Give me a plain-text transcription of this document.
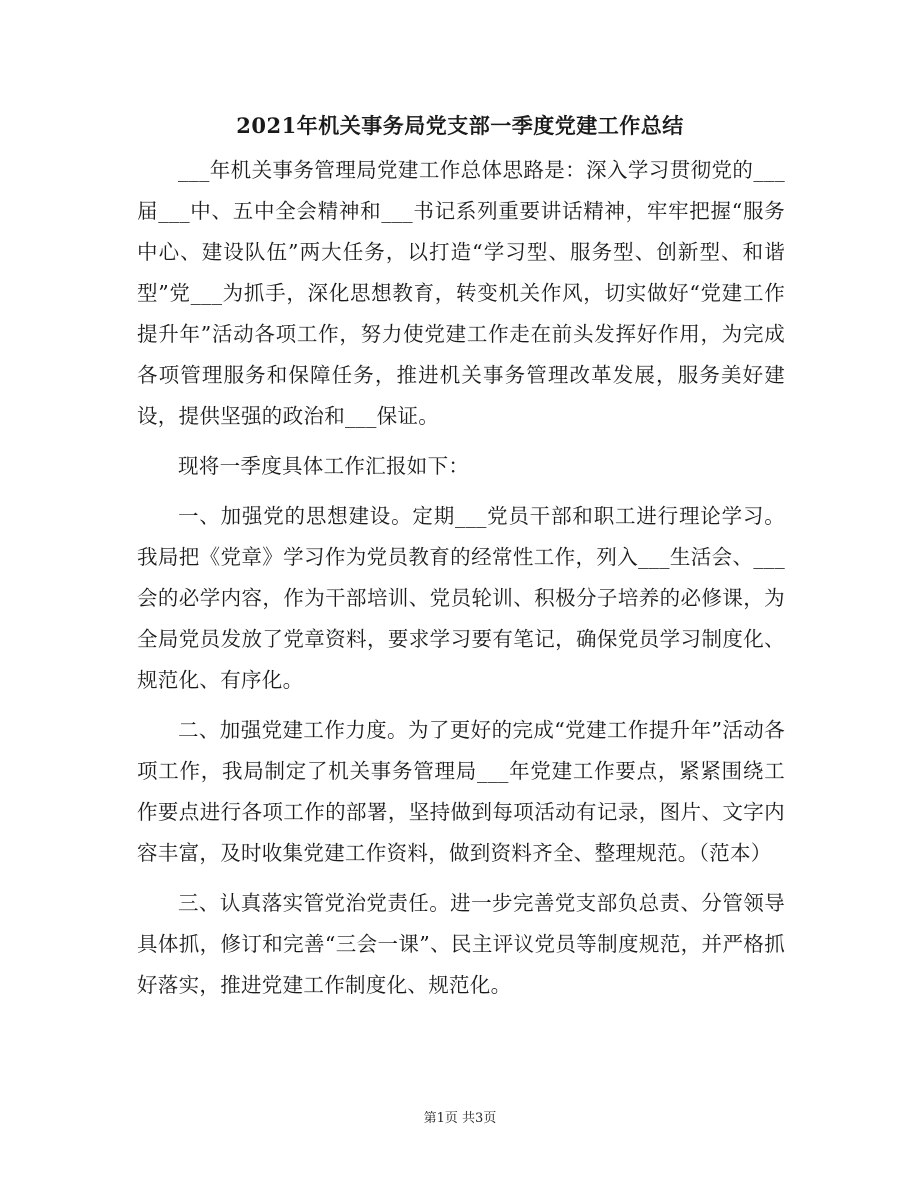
2021年机关事务局党支部一季度党建工作总结

___年机关事务管理局党建工作总体思路是：深入学习贯彻党的___届___中、五中全会精神和___书记系列重要讲话精神，牢牢把握“服务中心、建设队伍”两大任务，以打造“学习型、服务型、创新型、和谐型”党___为抓手，深化思想教育，转变机关作风，切实做好“党建工作提升年”活动各项工作，努力使党建工作走在前头发挥好作用，为完成各项管理服务和保障任务，推进机关事务管理改革发展，服务美好建设，提供坚强的政治和___保证。

现将一季度具体工作汇报如下：

一、加强党的思想建设。定期___党员干部和职工进行理论学习。我局把《党章》学习作为党员教育的经常性工作，列入___生活会、___会的必学内容，作为干部培训、党员轮训、积极分子培养的必修课，为全局党员发放了党章资料，要求学习要有笔记，确保党员学习制度化、规范化、有序化。

二、加强党建工作力度。为了更好的完成“党建工作提升年”活动各项工作，我局制定了机关事务管理局___年党建工作要点，紧紧围绕工作要点进行各项工作的部署，坚持做到每项活动有记录，图片、文字内容丰富，及时收集党建工作资料，做到资料齐全、整理规范。（范本）

三、认真落实管党治党责任。进一步完善党支部负总责、分管领导具体抓，修订和完善“三会一课”、民主评议党员等制度规范，并严格抓好落实，推进党建工作制度化、规范化。

第1页 共3页
